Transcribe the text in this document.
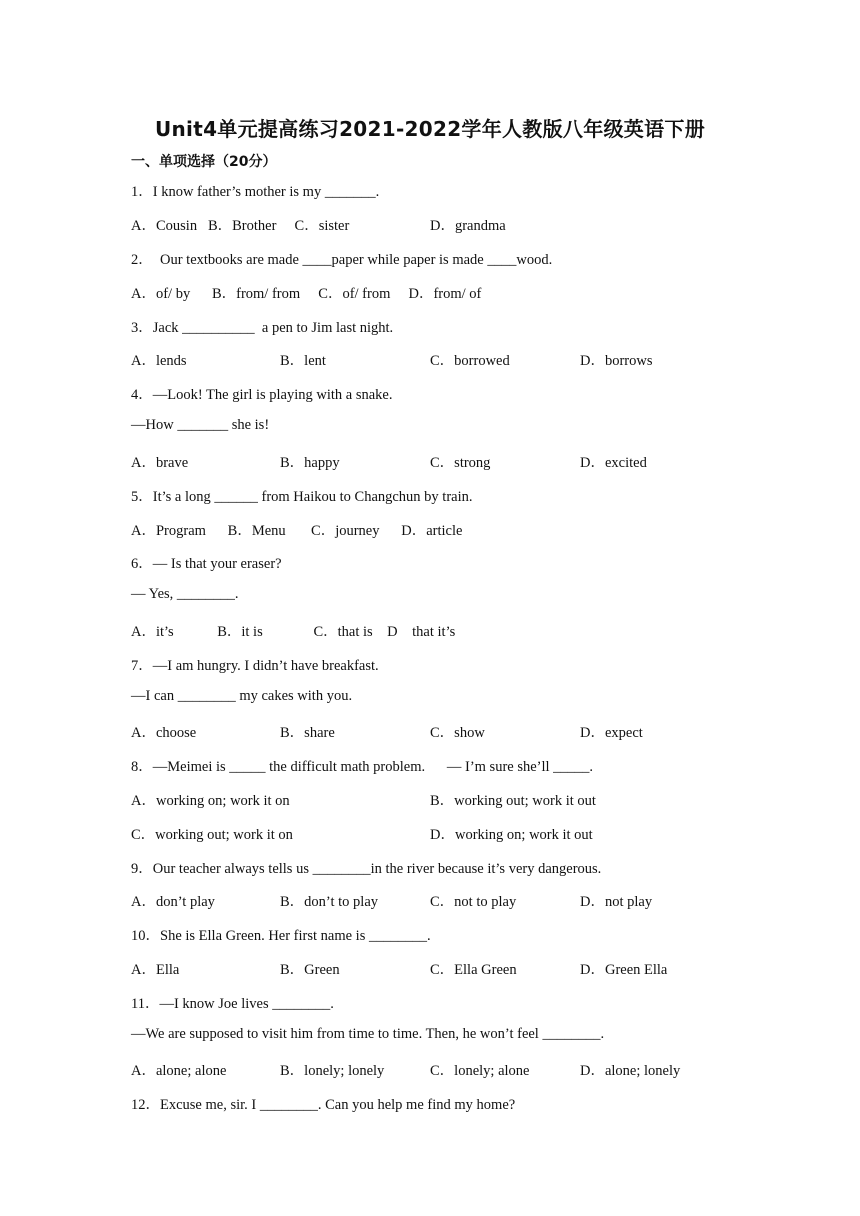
Unit4单元提高练习2021-2022学年人教版八年级英语下册
一、单项选择（20分）
1．I know father’s mother is my _______.
A．Cousin   B．Brother     C．sister	D．grandma
2．  Our textbooks are made ____paper while paper is made ____wood.
A．of/ by      B．from/ from     C．of/ from     D．from/ of
3．Jack __________  a pen to Jim last night.
A．lends	B．lent	C．borrowed	D．borrows
4．—Look! The girl is playing with a snake.
—How _______ she is!
A．brave	B．happy	C．strong	D．excited
5．It’s a long ______ from Haikou to Changchun by train.
A．Program      B．Menu       C．journey      D．article
6．— Is that your eraser?
— Yes, ________.
A．it’s            B．it is              C．that is    D    that it’s
7．—I am hungry. I didn’t have breakfast.
—I can ________ my cakes with you.
A．choose	B．share	C．show	D．expect
8．—Meimei is _____ the difficult math problem.      — I’m sure she’ll _____.
A．working on; work it on	B．working out; work it out
C．working out; work it on	D．working on; work it out
9．Our teacher always tells us ________in the river because it’s very dangerous.
A．don’t play	B．don’t to play	C．not to play	D．not play
10．She is Ella Green. Her first name is ________.
A．Ella	B．Green	C．Ella Green	D．Green Ella
11．—I know Joe lives ________.
—We are supposed to visit him from time to time. Then, he won’t feel ________.
A．alone; alone	B．lonely; lonely	C．lonely; alone	D．alone; lonely
12．Excuse me, sir. I ________. Can you help me find my home?
